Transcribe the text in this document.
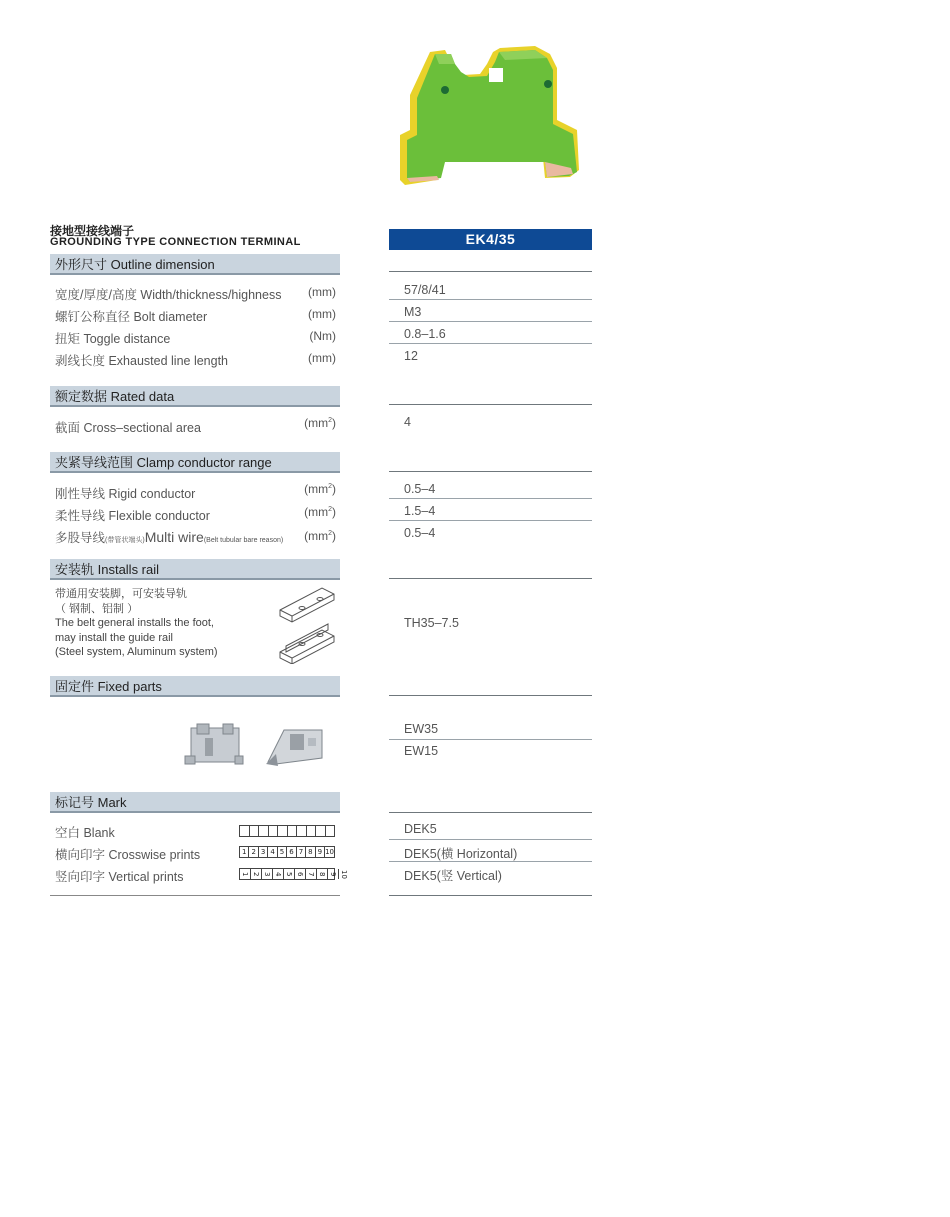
接地型接线端子
GROUNDING TYPE CONNECTION TERMINAL	EK4/35
外形尺寸 Outline dimension
宽度/厚度/高度 Width/thickness/highness (mm)	57/8/41
螺钉公称直径 Bolt diameter	(mm)	M3
扭矩 Toggle distance	(Nm)	0.8–1.6
剥线长度 Exhausted line length	(mm)	12
额定数据 Rated data
截面 Cross–sectional area	$(mm^2)$	4
夹紧导线范围 Clamp conductor range
刚性导线 Rigid conductor	$(mm^2)$	0.5–4
柔性导线 Flexible conductor	$(mm^2)$	1.5–4
多股导线(带管状端头)Multi wire(Belt tubular bare reason) $(mm^2)$	0.5–4
安装轨 Installs rail
带通用安装脚，可安装导轨
（ 钢制、铝制 ）
The belt general installs the foot,
may install the guide rail
(Steel system, Aluminum system)
TH35–7.5
固定件 Fixed parts
EW35
EW15
标记号 Mark
空白 Blank	DEK5
横向印字 Crosswise prints	1 2 3 4 5 6 7 8 9 10	DEK5(横 Horizontal)
竖向印字 Vertical prints	1 2 3 4 5 6 7 8 9 10	DEK5(竖 Vertical)
